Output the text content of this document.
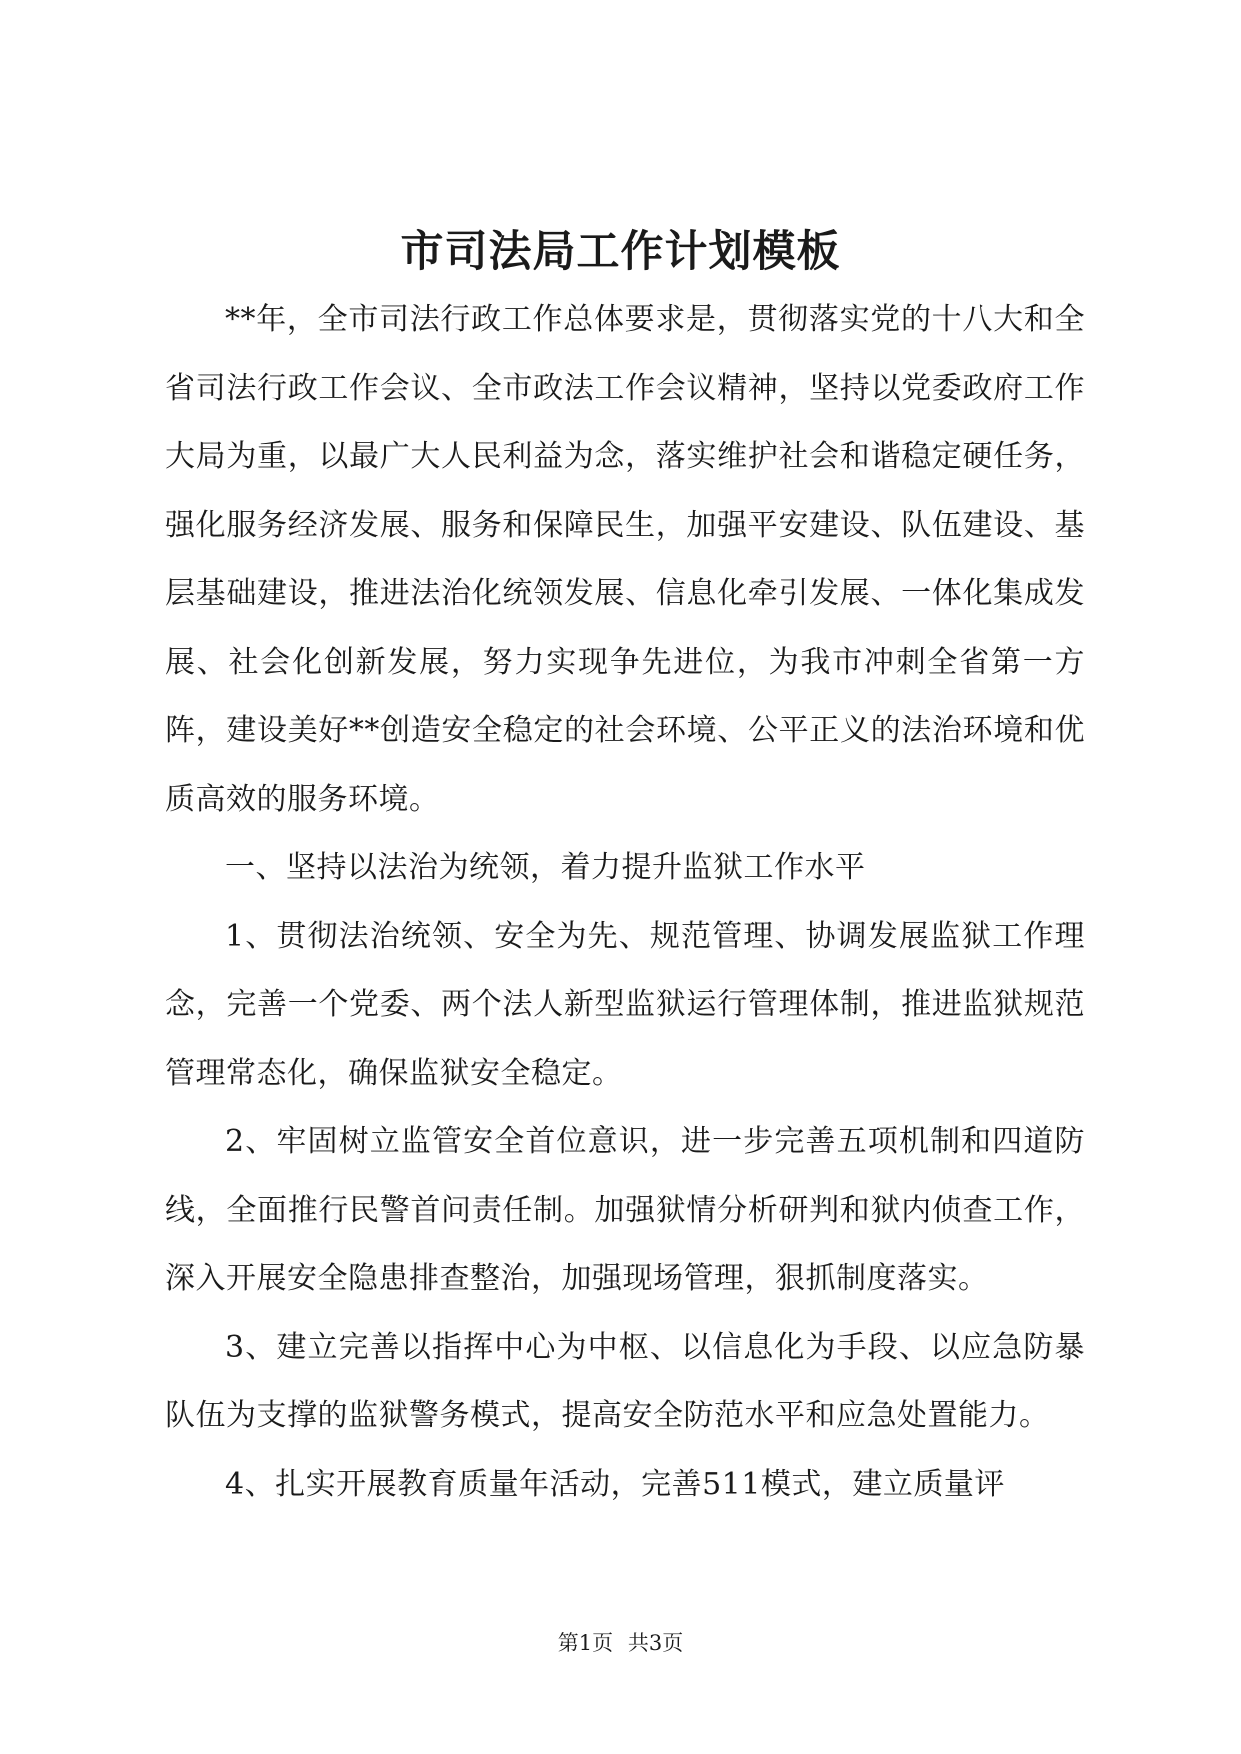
市司法局工作计划模板

**年，全市司法行政工作总体要求是，贯彻落实党的十八大和全省司法行政工作会议、全市政法工作会议精神，坚持以党委政府工作大局为重，以最广大人民利益为念，落实维护社会和谐稳定硬任务，强化服务经济发展、服务和保障民生，加强平安建设、队伍建设、基层基础建设，推进法治化统领发展、信息化牵引发展、一体化集成发展、社会化创新发展，努力实现争先进位，为我市冲刺全省第一方阵，建设美好**创造安全稳定的社会环境、公平正义的法治环境和优质高效的服务环境。

一、坚持以法治为统领，着力提升监狱工作水平

1、贯彻法治统领、安全为先、规范管理、协调发展监狱工作理念，完善一个党委、两个法人新型监狱运行管理体制，推进监狱规范管理常态化，确保监狱安全稳定。

2、牢固树立监管安全首位意识，进一步完善五项机制和四道防线，全面推行民警首问责任制。加强狱情分析研判和狱内侦查工作，深入开展安全隐患排查整治，加强现场管理，狠抓制度落实。

3、建立完善以指挥中心为中枢、以信息化为手段、以应急防暴队伍为支撑的监狱警务模式，提高安全防范水平和应急处置能力。

4、扎实开展教育质量年活动，完善511模式，建立质量评

第1页 共3页
